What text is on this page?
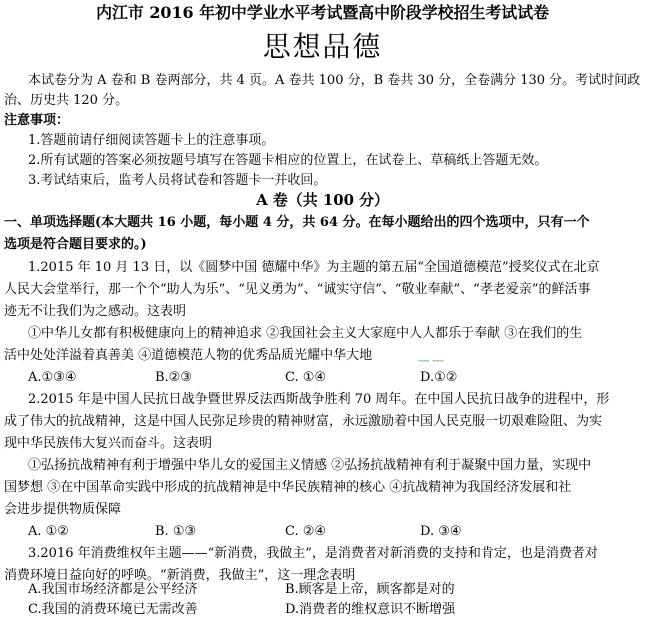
内江市 2016 年初中学业水平考试暨高中阶段学校招生考试试卷
思想品德
本试卷分为 A 卷和 B 卷两部分，共 4 页。A 卷共 100 分，B 卷共 30 分，全卷满分 130 分。考试时间政
治、历史共 120 分。
注意事项：
1.答题前请仔细阅读答题卡上的注意事项。
2.所有试题的答案必须按题号填写在答题卡相应的位置上，在试卷上、草稿纸上答题无效。
3.考试结束后，监考人员将试卷和答题卡一并收回。
A 卷（共 100 分）
一、单项选择题(本大题共 16 小题，每小题 4 分，共 64 分。在每小题给出的四个选项中，只有一个
选项是符合题目要求的。)
1.2015 年 10 月 13 日，以《圆梦中国 德耀中华》为主题的第五届“全国道德模范”授奖仪式在北京
人民大会堂举行，那一个个“助人为乐”、“见义勇为”、“诚实守信”、“敬业奉献”、“孝老爱亲”的鲜活事
迹无不让我们为之感动。这表明
①中华儿女都有积极健康向上的精神追求 ②我国社会主义大家庭中人人都乐于奉献 ③在我们的生
活中处处洋溢着真善美 ④道德模范人物的优秀品质光耀中华大地	﹏ ﹏
A.①③④	B.②③	C. ①④	D.①②
2.2015 年是中国人民抗日战争暨世界反法西斯战争胜利 70 周年。在中国人民抗日战争的进程中，形
成了伟大的抗战精神，这是中国人民弥足珍贵的精神财富，永远激励着中国人民克服一切艰难险阻、为实
现中华民族伟大复兴而奋斗。这表明
①弘扬抗战精神有利于增强中华儿女的爱国主义情感 ②弘扬抗战精神有利于凝聚中国力量，实现中
国梦想 ③在中国革命实践中形成的抗战精神是中华民族精神的核心 ④抗战精神为我国经济发展和社
会进步提供物质保障
A. ①②	B. ①③	C. ②④	D. ③④
3.2016 年消费维权年主题——“新消费，我做主”，是消费者对新消费的支持和肯定，也是消费者对
消费环境日益向好的呼唤。“新消费，我做主”，这一理念表明
A.我国市场经济都是公平经济	B.顾客是上帝，顾客都是对的
C.我国的消费环境已无需改善	D.消费者的维权意识不断增强
